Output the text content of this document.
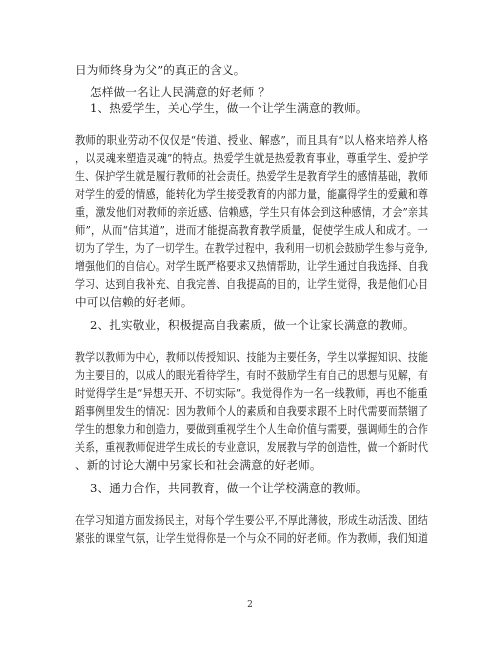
日为师终身为父”的真正的含义。
怎样做一名让人民满意的好老师 ？
1、热爱学生，关心学生，做一个让学生满意的教师。
教师的职业劳动不仅仅是“传道、授业、解惑”，而且具有“以人格来培养人格
，以灵魂来塑造灵魂”的特点。热爱学生就是热爱教育事业，尊重学生、爱护学
生、保护学生就是履行教师的社会责任。热爱学生是教育学生的感情基础，教师
对学生的爱的情感，能转化为学生接受教育的内部力量，能赢得学生的爱戴和尊
重，激发他们对教师的亲近感、信赖感，学生只有体会到这种感情，才会”亲其
师”，从而“信其道”，进而才能提高教育教学质量，促使学生成人和成才。一
切为了学生，为了一切学生。在教学过程中，我利用一切机会鼓励学生参与竞争,
增强他们的自信心。对学生既严格要求又热情帮助，让学生通过自我选择、自我
学习、达到自我补充、自我完善、自我提高的目的，让学生觉得，我是他们心目
中可以信赖的好老师。
2、扎实敬业，积极提高自我素质，做一个让家长满意的教师。
教学以教师为中心，教师以传授知识、技能为主要任务，学生以掌握知识、技能
为主要目的，以成人的眼光看待学生，有时不鼓励学生有自己的思想与见解，有
时觉得学生是“异想天开、不切实际”。我觉得作为一名一线教师，再也不能重
蹈事例里发生的情况：因为教师个人的素质和自我要求跟不上时代需要而禁锢了
学生的想象力和创造力，要做到重视学生个人生命价值与需要，强调师生的合作
关系，重视教师促进学生成长的专业意识，发展教与学的创造性，做一个新时代
、新的讨论大潮中另家长和社会满意的好老师。
3、通力合作，共同教育，做一个让学校满意的教师。
在学习知道方面发扬民主，对每个学生要公平,不厚此薄彼，形成生动活泼、团结
紧张的课堂气氛，让学生觉得你是一个与众不同的好老师。作为教师，我们知道
2
